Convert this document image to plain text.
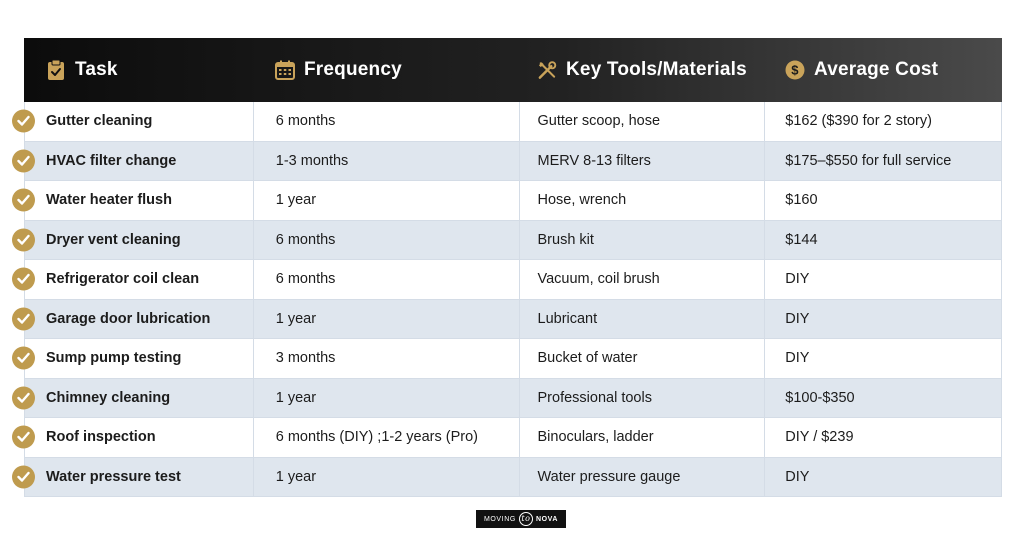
Task	Frequency	Key Tools/Materials	$ Average Cost
Gutter cleaning	6 months	Gutter scoop, hose	$162 ($390 for 2 story)
HVAC filter change	1-3 months	MERV 8-13 filters	$175–$550 for full service
Water heater flush	1 year	Hose, wrench	$160
Dryer vent cleaning	6 months	Brush kit	$144
Refrigerator coil clean	6 months	Vacuum, coil brush	DIY
Garage door lubrication	1 year	Lubricant	DIY
Sump pump testing	3 months	Bucket of water	DIY
Chimney cleaning	1 year	Professional tools	$100-$350
Roof inspection	6 months (DIY) ;1-2 years (Pro)	Binoculars, ladder	DIY / $239
Water pressure test	1 year	Water pressure gauge	DIY
MOVING to NOVA
